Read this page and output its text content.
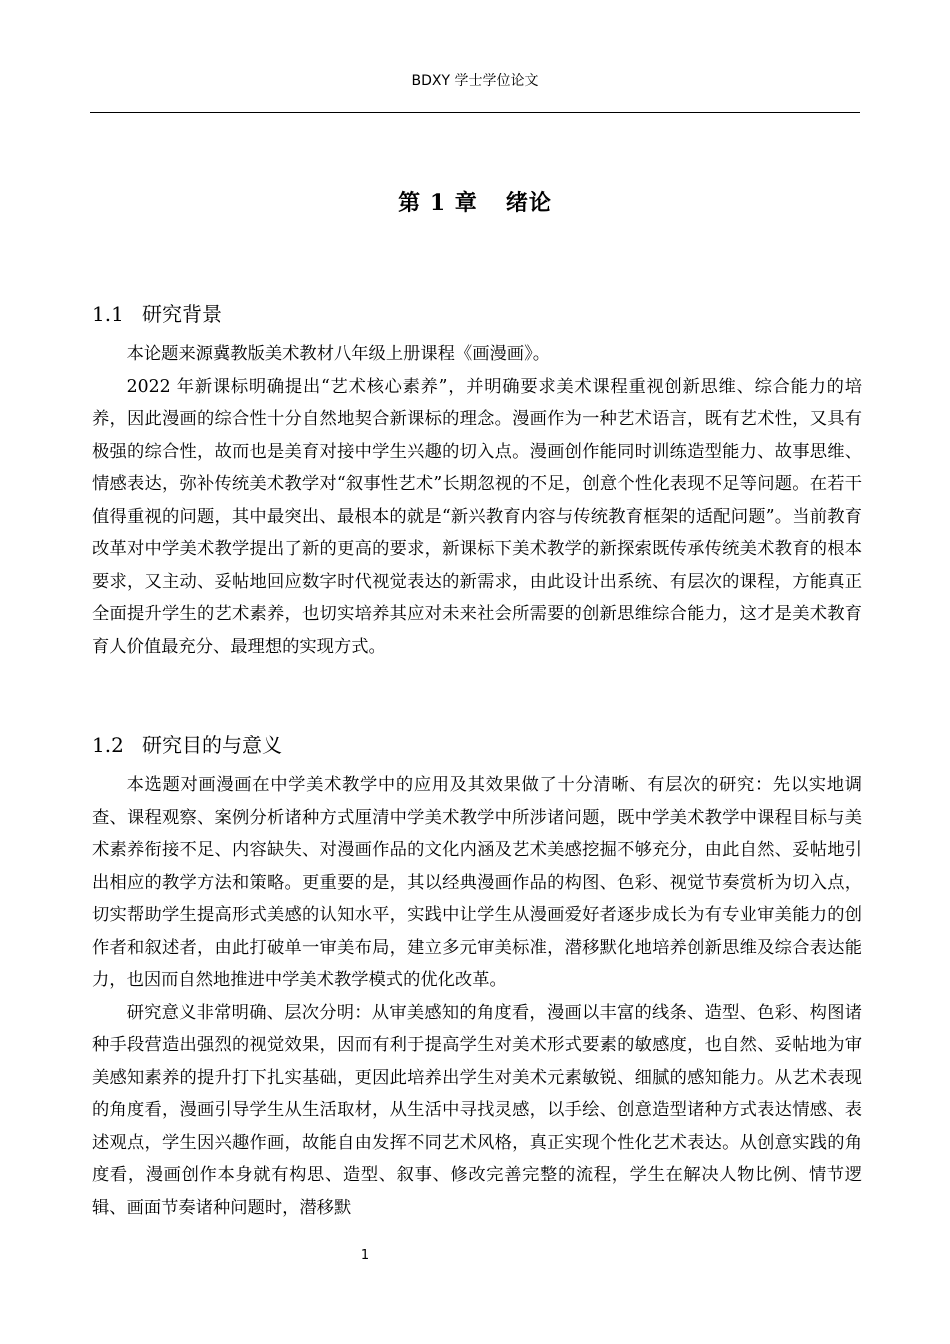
BDXY 学士学位论文
第 1 章 绪论
1.1 研究背景

本论题来源冀教版美术教材八年级上册课程《画漫画》。

2022 年新课标明确提出“艺术核心素养”，并明确要求美术课程重视创新思维、综合能力的培养，因此漫画的综合性十分自然地契合新课标的理念。漫画作为一种艺术语言，既有艺术性，又具有极强的综合性，故而也是美育对接中学生兴趣的切入点。漫画创作能同时训练造型能力、故事思维、情感表达，弥补传统美术教学对“叙事性艺术”长期忽视的不足，创意个性化表现不足等问题。在若干值得重视的问题，其中最突出、最根本的就是“新兴教育内容与传统教育框架的适配问题”。当前教育改革对中学美术教学提出了新的更高的要求，新课标下美术教学的新探索既传承传统美术教育的根本要求，又主动、妥帖地回应数字时代视觉表达的新需求，由此设计出系统、有层次的课程，方能真正全面提升学生的艺术素养，也切实培养其应对未来社会所需要的创新思维综合能力，这才是美术教育育人价值最充分、最理想的实现方式。

1.2 研究目的与意义

本选题对画漫画在中学美术教学中的应用及其效果做了十分清晰、有层次的研究：先以实地调查、课程观察、案例分析诸种方式厘清中学美术教学中所涉诸问题，既中学美术教学中课程目标与美术素养衔接不足、内容缺失、对漫画作品的文化内涵及艺术美感挖掘不够充分，由此自然、妥帖地引出相应的教学方法和策略。更重要的是，其以经典漫画作品的构图、色彩、视觉节奏赏析为切入点，切实帮助学生提高形式美感的认知水平，实践中让学生从漫画爱好者逐步成长为有专业审美能力的创作者和叙述者，由此打破单一审美布局，建立多元审美标准，潜移默化地培养创新思维及综合表达能力，也因而自然地推进中学美术教学模式的优化改革。

研究意义非常明确、层次分明：从审美感知的角度看，漫画以丰富的线条、造型、色彩、构图诸种手段营造出强烈的视觉效果，因而有利于提高学生对美术形式要素的敏感度，也自然、妥帖地为审美感知素养的提升打下扎实基础，更因此培养出学生对美术元素敏锐、细腻的感知能力。从艺术表现的角度看，漫画引导学生从生活取材，从生活中寻找灵感，以手绘、创意造型诸种方式表达情感、表述观点，学生因兴趣作画，故能自由发挥不同艺术风格，真正实现个性化艺术表达。从创意实践的角度看，漫画创作本身就有构思、造型、叙事、修改完善完整的流程，学生在解决人物比例、情节逻辑、画面节奏诸种问题时，潜移默

1
